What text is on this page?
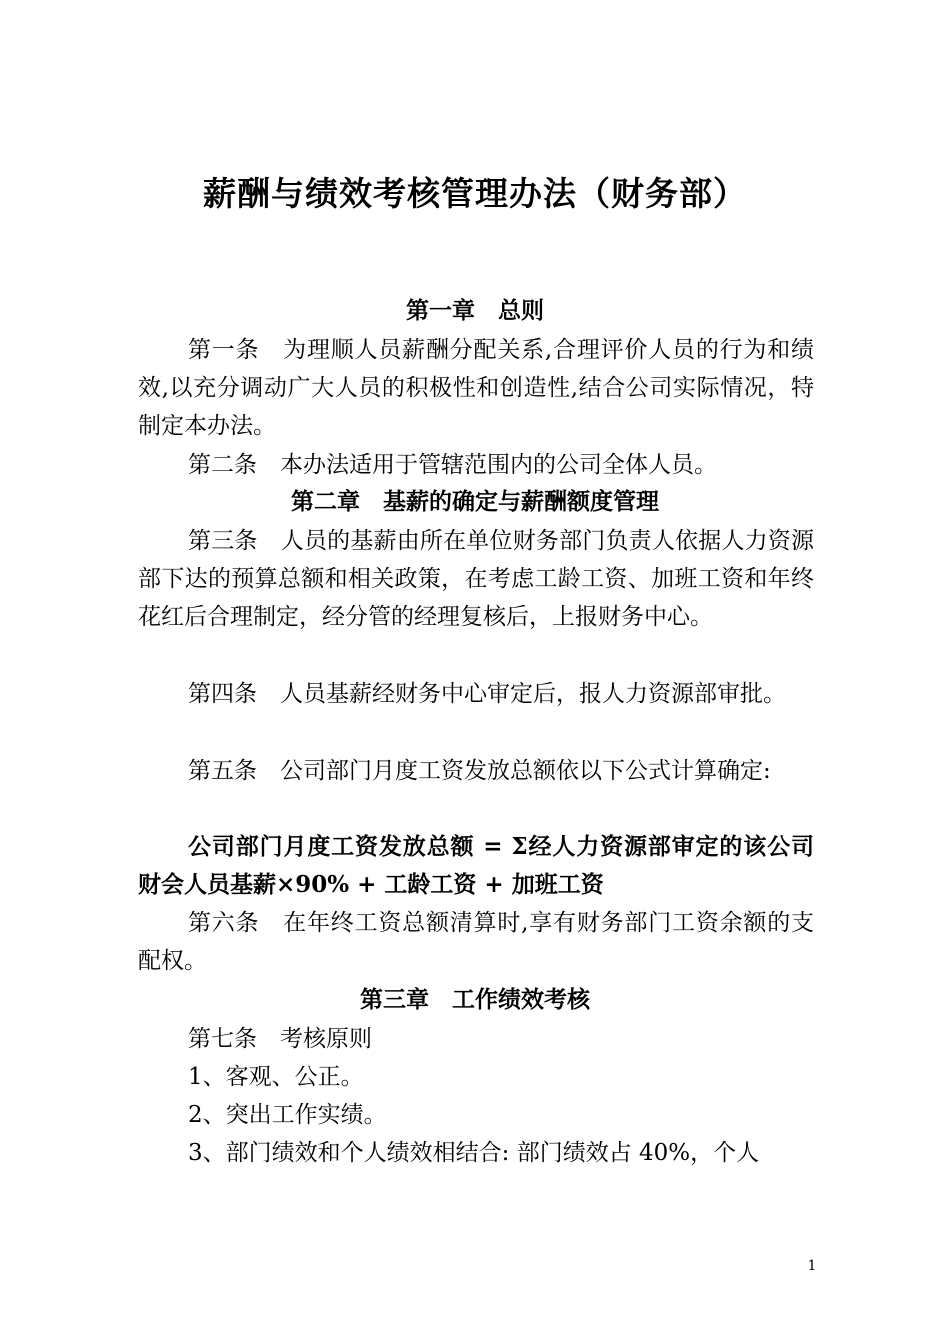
薪酬与绩效考核管理办法（财务部）
第一章　总则
第一条　为理顺人员薪酬分配关系,合理评价人员的行为和绩效,以充分调动广大人员的积极性和创造性,结合公司实际情况，特制定本办法。
第二条　本办法适用于管辖范围内的公司全体人员。
第二章　基薪的确定与薪酬额度管理
第三条　人员的基薪由所在单位财务部门负责人依据人力资源部下达的预算总额和相关政策，在考虑工龄工资、加班工资和年终花红后合理制定，经分管的经理复核后，上报财务中心。
第四条　人员基薪经财务中心审定后，报人力资源部审批。
第五条　公司部门月度工资发放总额依以下公式计算确定:
公司部门月度工资发放总额 = Σ经人力资源部审定的该公司财会人员基薪×90% + 工龄工资 + 加班工资
第六条　在年终工资总额清算时,享有财务部门工资余额的支配权。
第三章　工作绩效考核
第七条　考核原则
1、客观、公正。
2、突出工作实绩。
3、部门绩效和个人绩效相结合: 部门绩效占 40%，个人
1
